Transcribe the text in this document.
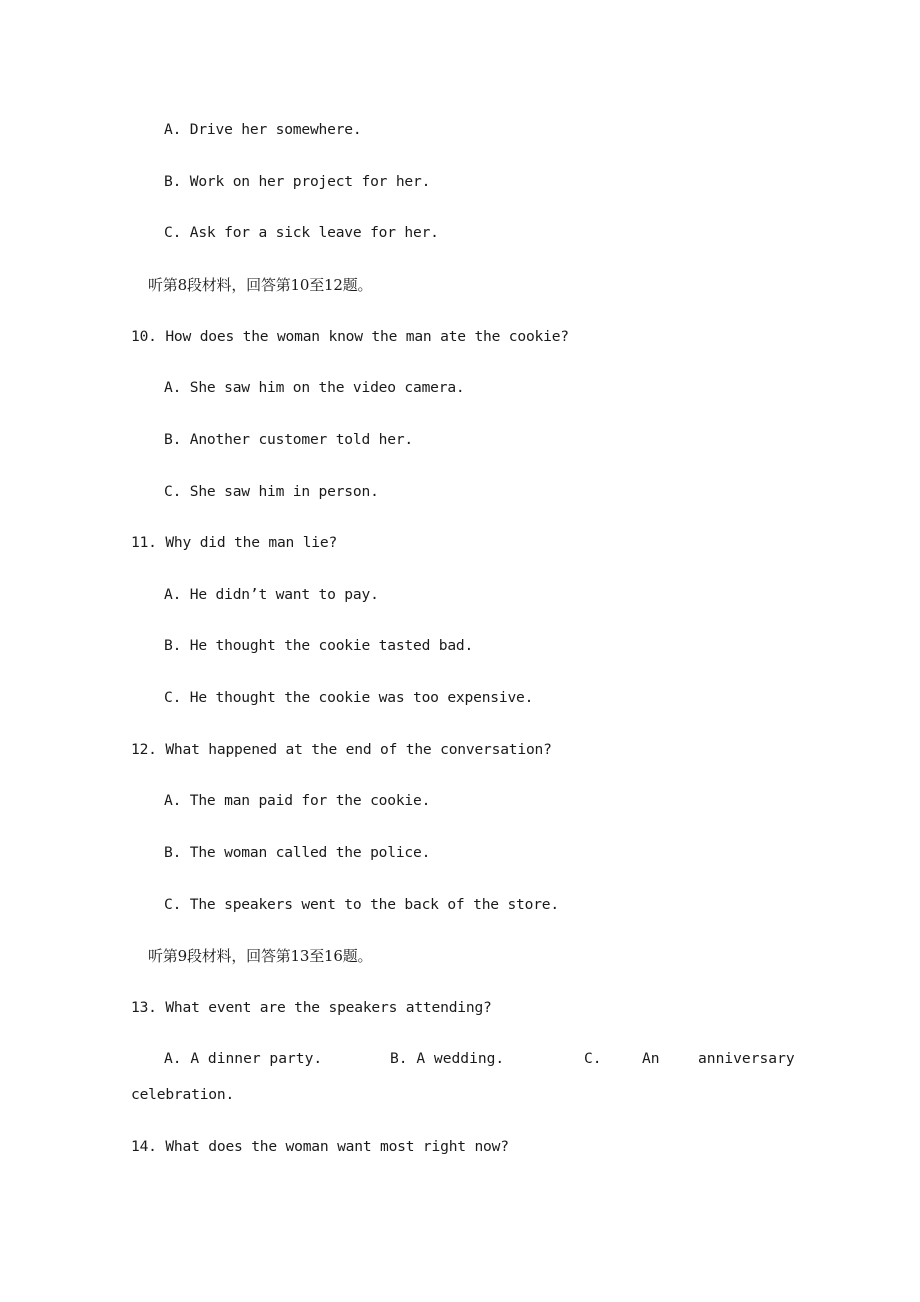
A. Drive her somewhere.
B. Work on her project for her.
C. Ask for a sick leave for her.
听第8段材料，回答第10至12题。
10. How does the woman know the man ate the cookie?
A. She saw him on the video camera.
B. Another customer told her.
C. She saw him in person.
11. Why did the man lie?
A. He didn’t want to pay.
B. He thought the cookie tasted bad.
C. He thought the cookie was too expensive.
12. What happened at the end of the conversation?
A. The man paid for the cookie.
B. The woman called the police.
C. The speakers went to the back of the store.
听第9段材料，回答第13至16题。
13. What event are the speakers attending?
A. A dinner party.	B. A wedding.	C.	An	anniversary
celebration.
14. What does the woman want most right now?
